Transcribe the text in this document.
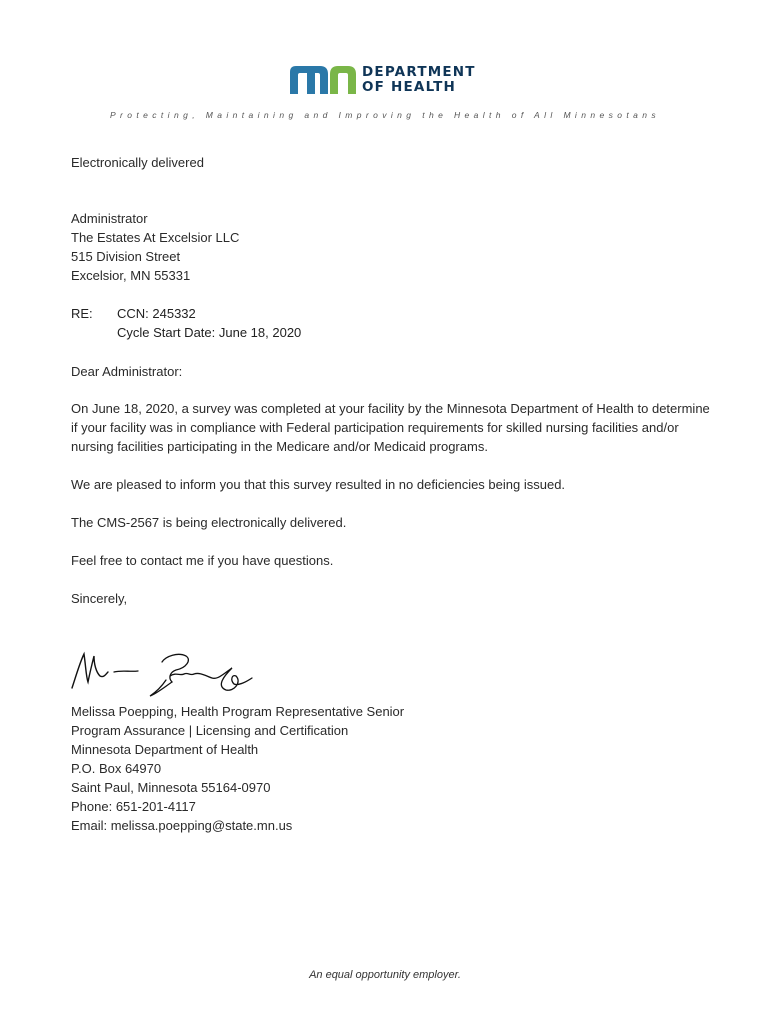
DEPARTMENT
OF HEALTH
Protecting, Maintaining and Improving the Health of All Minnesotans
Electronically delivered
Administrator
The Estates At Excelsior LLC
515 Division Street
Excelsior, MN 55331
RE: CCN: 245332
Cycle Start Date: June 18, 2020
Dear Administrator:
On June 18, 2020, a survey was completed at your facility by the Minnesota Department of Health to determine if your facility was in compliance with Federal participation requirements for skilled nursing facilities and/or nursing facilities participating in the Medicare and/or Medicaid programs.
We are pleased to inform you that this survey resulted in no deficiencies being issued.
The CMS-2567 is being electronically delivered.
Feel free to contact me if you have questions.
Sincerely,
Melissa Poepping, Health Program Representative Senior
Program Assurance | Licensing and Certification
Minnesota Department of Health
P.O. Box 64970
Saint Paul, Minnesota 55164-0970
Phone: 651-201-4117
Email: melissa.poepping@state.mn.us
An equal opportunity employer.
